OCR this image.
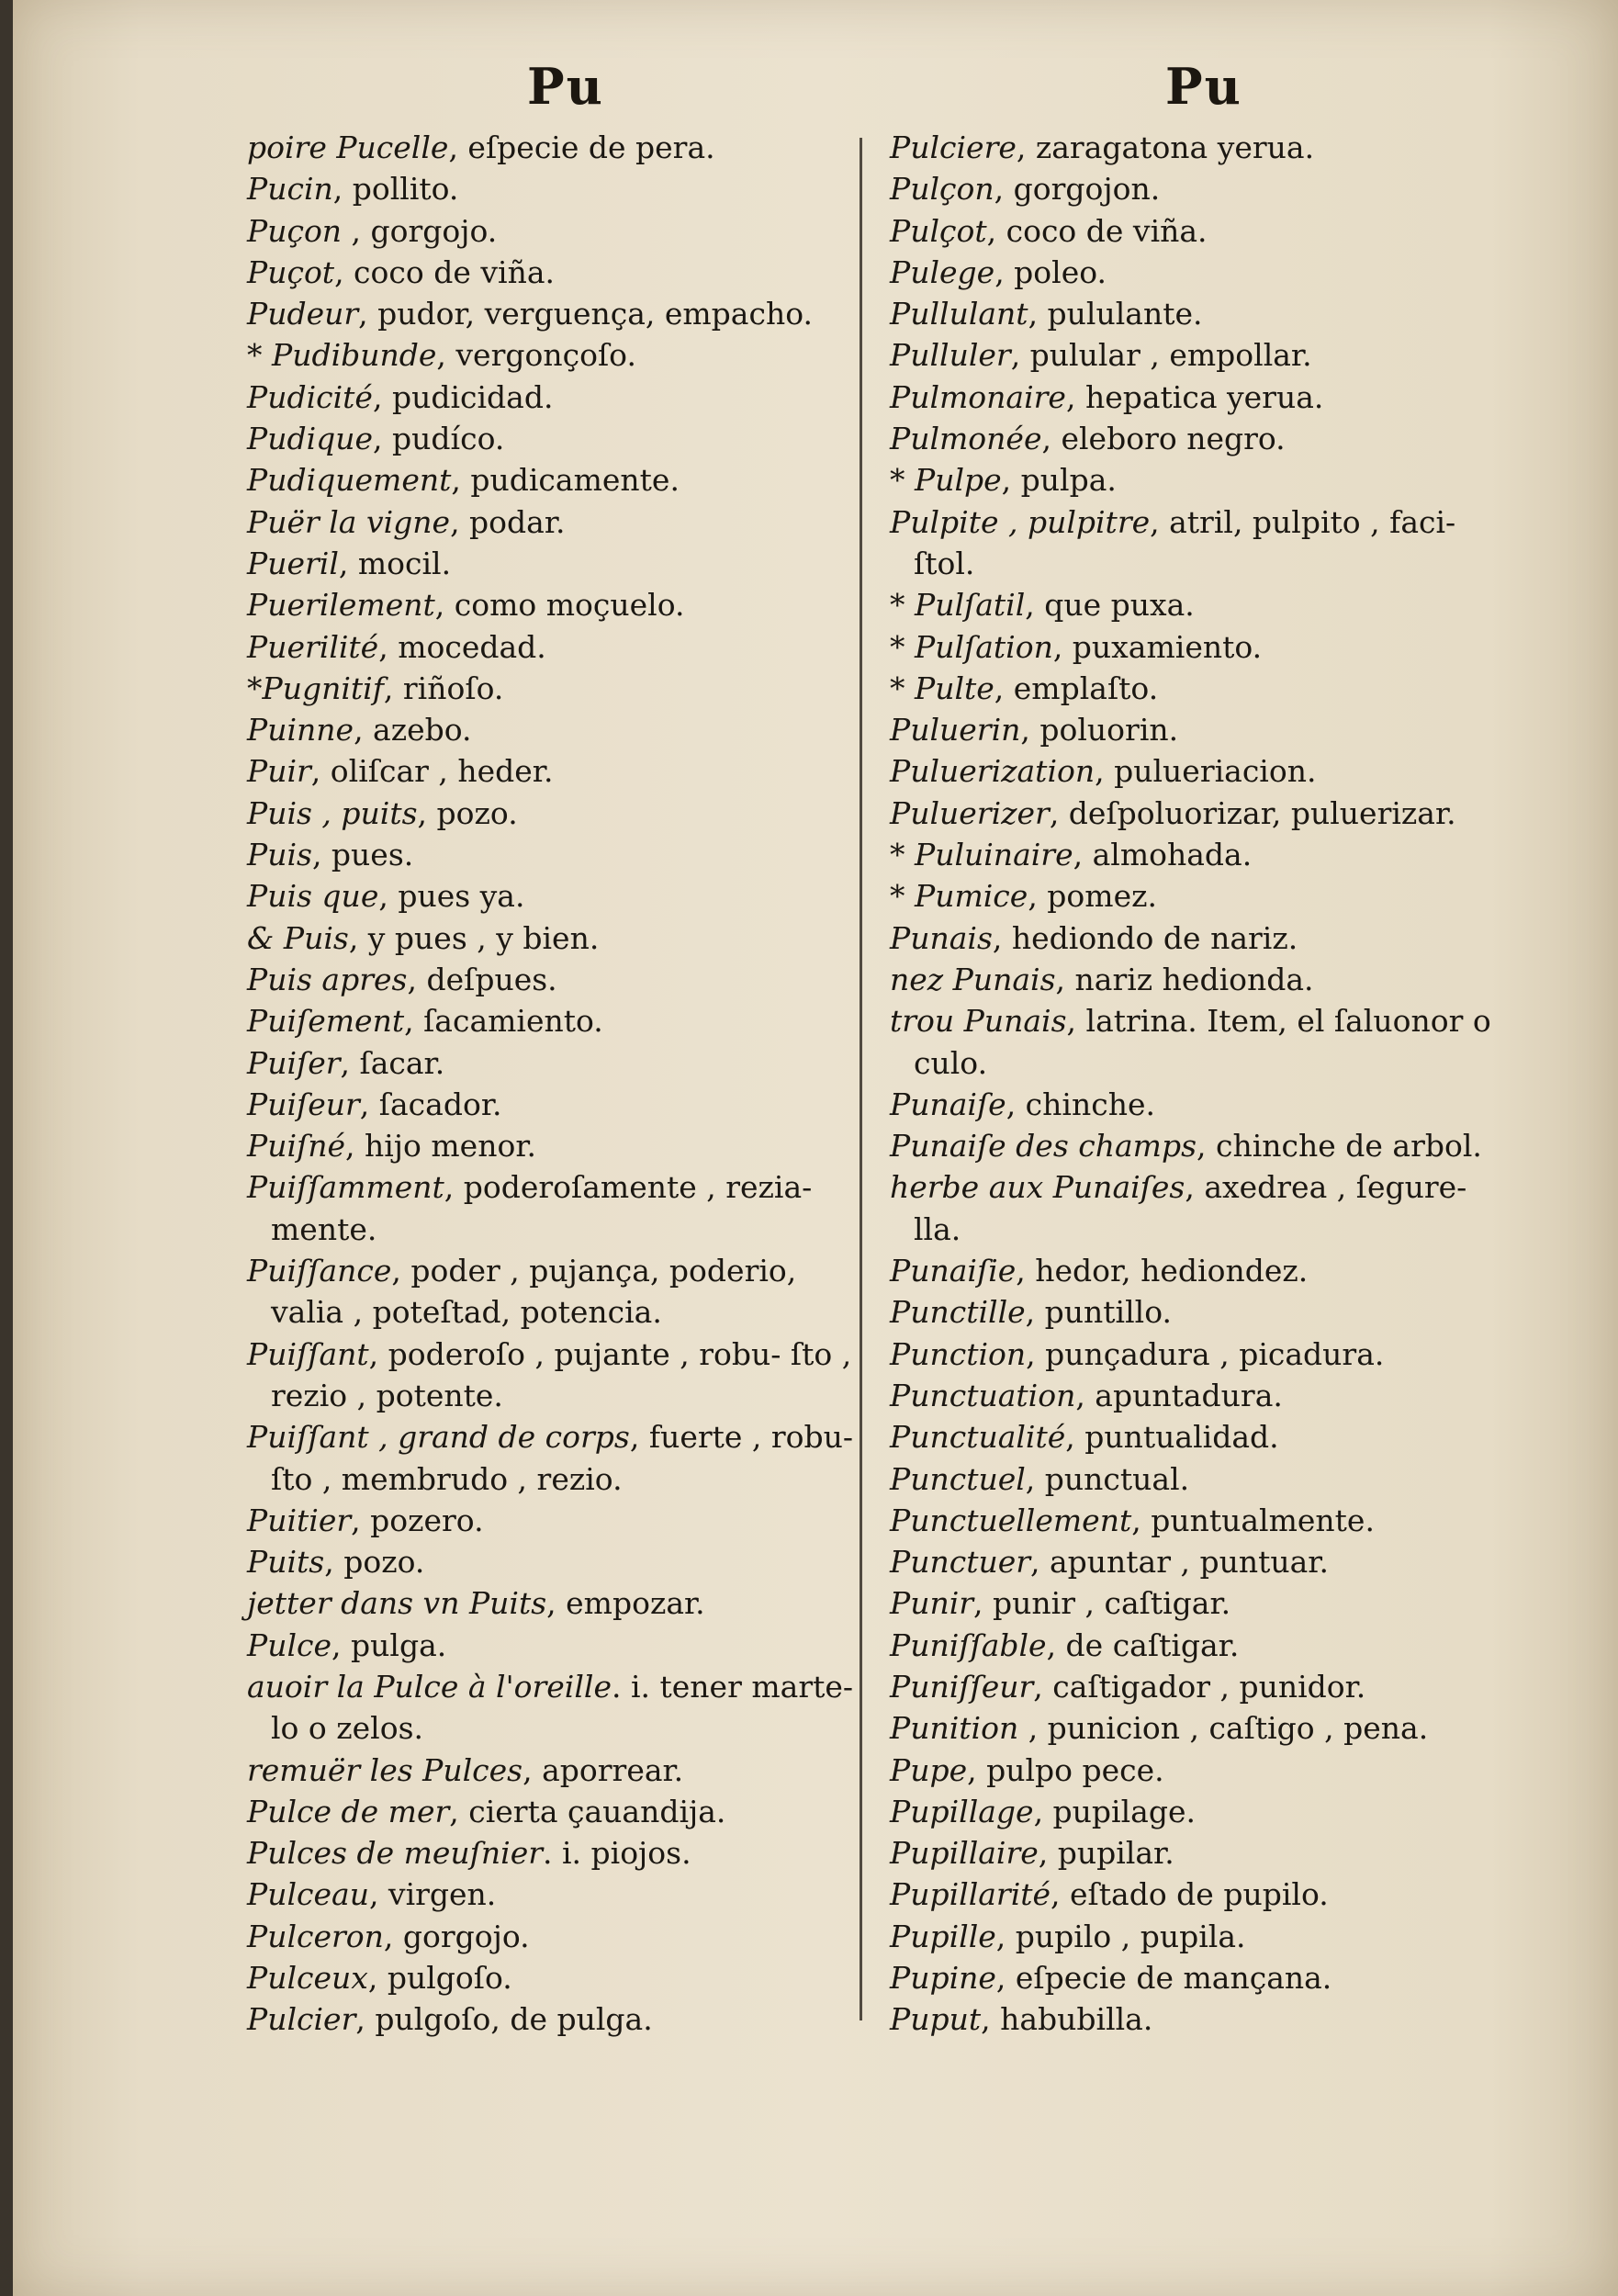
Pu	Pu
poire Pucelle, eſpecie de pera.
Pucin, pollito.
Puçon , gorgojo.
Puçot, coco de viña.
Pudeur, pudor, verguença, empacho.
* Pudibunde, vergonçoſo.
Pudicité, pudicidad.
Pudique, pudíco.
Pudiquement, pudicamente.
Puër la vigne, podar.
Pueril, mocil.
Puerilement, como moçuelo.
Puerilité, mocedad.
*Pugnitif, riñoſo.
Puinne, azebo.
Puir, oliſcar , heder.
Puis , puits, pozo.
Puis, pues.
Puis que, pues ya.
& Puis, y pues , y bien.
Puis apres, deſpues.
Puiſement, ſacamiento.
Puiſer, ſacar.
Puiſeur, ſacador.
Puiſné, hijo menor.
Puiſſamment, poderoſamente , rezia- mente.
Puiſſance, poder , pujança, poderio, valia , poteſtad, potencia.
Puiſſant, poderoſo , pujante , robu- ſto , rezio , potente.
Puiſſant , grand de corps, fuerte , robu- ſto , membrudo , rezio.
Puitier, pozero.
Puits, pozo.
jetter dans vn Puits, empozar.
Pulce, pulga.
auoir la Pulce à l'oreille. i. tener marte- lo o zelos.
remuër les Pulces, aporrear.
Pulce de mer, cierta çauandija.
Pulces de meuſnier. i. piojos.
Pulceau, virgen.
Pulceron, gorgojo.
Pulceux, pulgoſo.
Pulcier, pulgoſo, de pulga.
Pulciere, zaragatona yerua.
Pulçon, gorgojon.
Pulçot, coco de viña.
Pulege, poleo.
Pullulant, pululante.
Pulluler, pulular , empollar.
Pulmonaire, hepatica yerua.
Pulmonée, eleboro negro.
* Pulpe, pulpa.
Pulpite , pulpitre, atril, pulpito , faci- ſtol.
* Pulſatil, que puxa.
* Pulſation, puxamiento.
* Pulte, emplaſto.
Puluerin, poluorin.
Puluerization, pulueriacion.
Puluerizer, deſpoluorizar, puluerizar.
* Puluinaire, almohada.
* Pumice, pomez.
Punais, hediondo de nariz.
nez Punais, nariz hedionda.
trou Punais, latrina. Item, el ſaluonor o culo.
Punaiſe, chinche.
Punaiſe des champs, chinche de arbol.
herbe aux Punaiſes, axedrea , ſegure- lla.
Punaiſie, hedor, hediondez.
Punctille, puntillo.
Punction, punçadura , picadura.
Punctuation, apuntadura.
Punctualité, puntualidad.
Punctuel, punctual.
Punctuellement, puntualmente.
Punctuer, apuntar , puntuar.
Punir, punir , caſtigar.
Puniſſable, de caſtigar.
Puniſſeur, caſtigador , punidor.
Punition , punicion , caſtigo , pena.
Pupe, pulpo pece.
Pupillage, pupilage.
Pupillaire, pupilar.
Pupillarité, eſtado de pupilo.
Pupille, pupilo , pupila.
Pupine, eſpecie de mançana.
Puput, habubilla.
